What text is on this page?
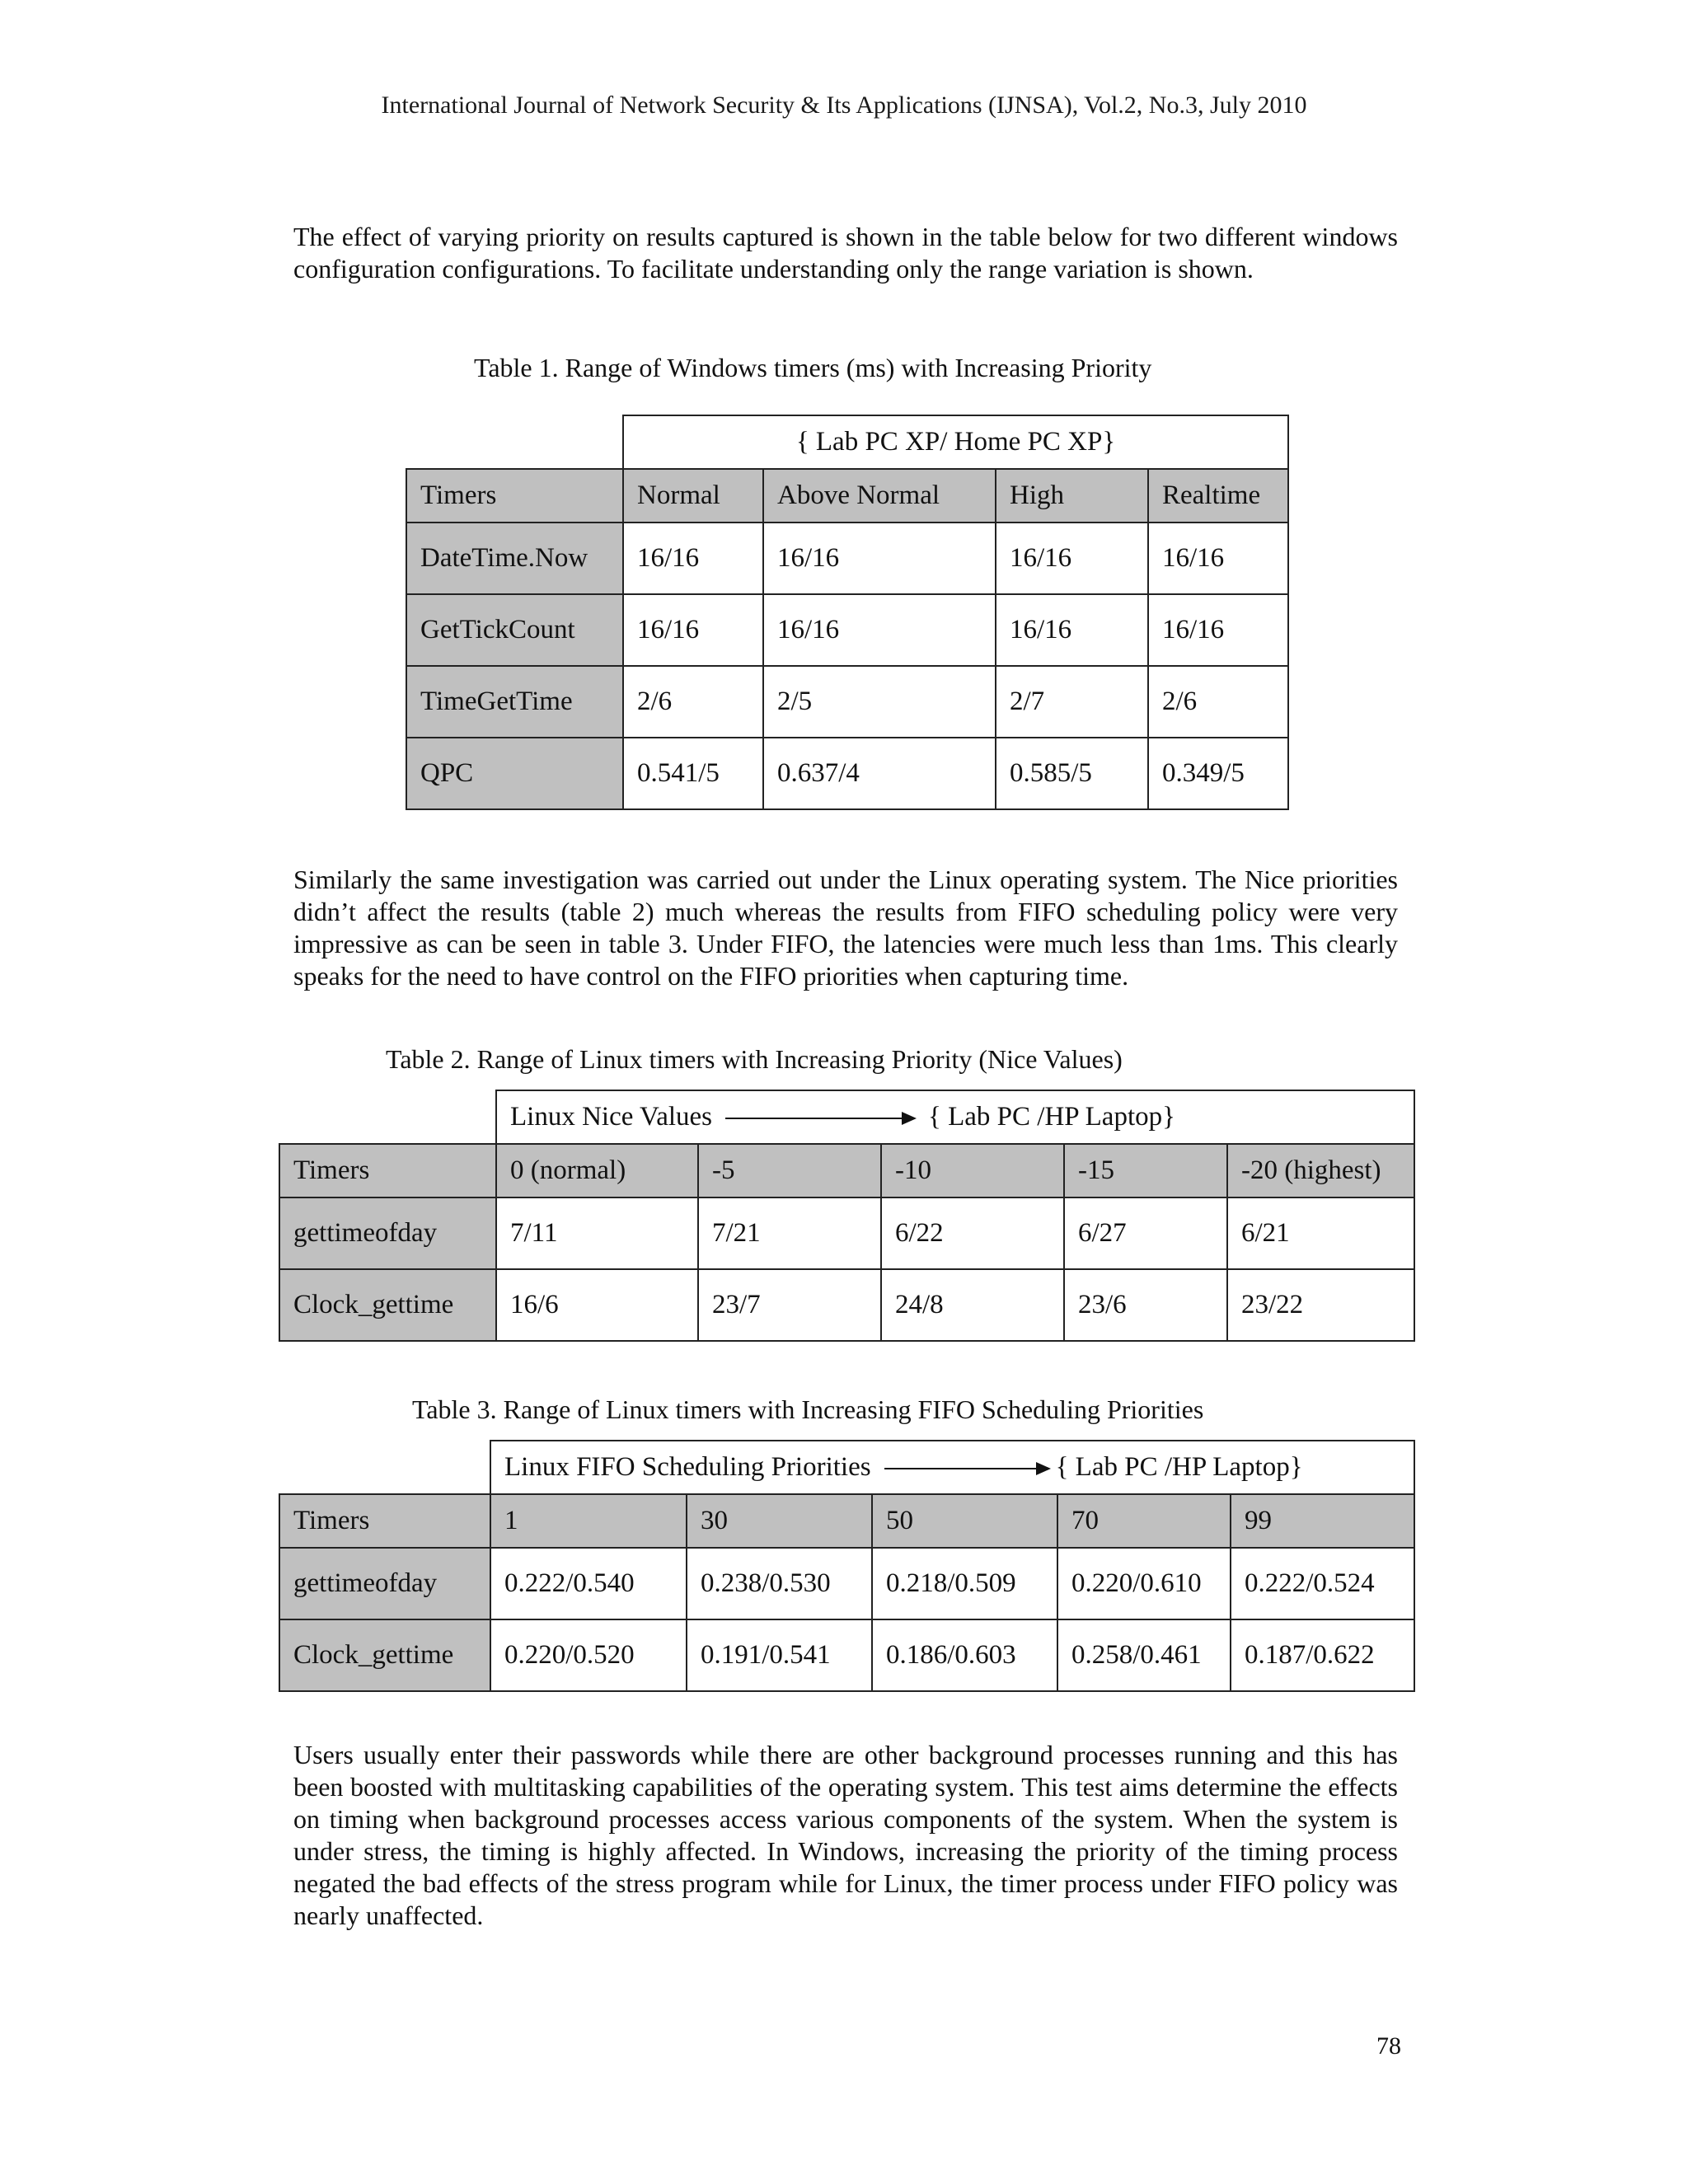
International Journal of Network Security & Its Applications (IJNSA), Vol.2, No.3, July 2010

The effect of varying priority on results captured is shown in the table below for two different windows configuration configurations. To facilitate understanding only the range variation is shown.

Table 1. Range of Windows timers (ms) with Increasing Priority
	{ Lab PC XP/ Home PC XP}			
Timers	Normal	Above Normal	High	Realtime
DateTime.Now	16/16	16/16	16/16	16/16
GetTickCount	16/16	16/16	16/16	16/16
TimeGetTime	2/6	2/5	2/7	2/6
QPC	0.541/5	0.637/4	0.585/5	0.349/5

Similarly the same investigation was carried out under the Linux operating system. The Nice priorities didn’t affect the results (table 2) much whereas the results from FIFO scheduling policy were very impressive as can be seen in table 3. Under FIFO, the latencies were much less than 1ms. This clearly speaks for the need to have control on the FIFO priorities when capturing time.

Table 2. Range of Linux timers with Increasing Priority (Nice Values)
	Linux Nice Values { Lab PC /HP Laptop}				
Timers	0 (normal)	-5	-10	-15	-20 (highest)
gettimeofday	7/11	7/21	6/22	6/27	6/21
Clock_gettime	16/6	23/7	24/8	23/6	23/22
Table 3. Range of Linux timers with Increasing FIFO Scheduling Priorities
	Linux FIFO Scheduling Priorities { Lab PC /HP Laptop}				
Timers	1	30	50	70	99
gettimeofday	0.222/0.540	0.238/0.530	0.218/0.509	0.220/0.610	0.222/0.524
Clock_gettime	0.220/0.520	0.191/0.541	0.186/0.603	0.258/0.461	0.187/0.622

Users usually enter their passwords while there are other background processes running and this has been boosted with multitasking capabilities of the operating system. This test aims determine the effects on timing when background processes access various components of the system. When the system is under stress, the timing is highly affected. In Windows, increasing the priority of the timing process negated the bad effects of the stress program while for Linux, the timer process under FIFO policy was nearly unaffected.

78
